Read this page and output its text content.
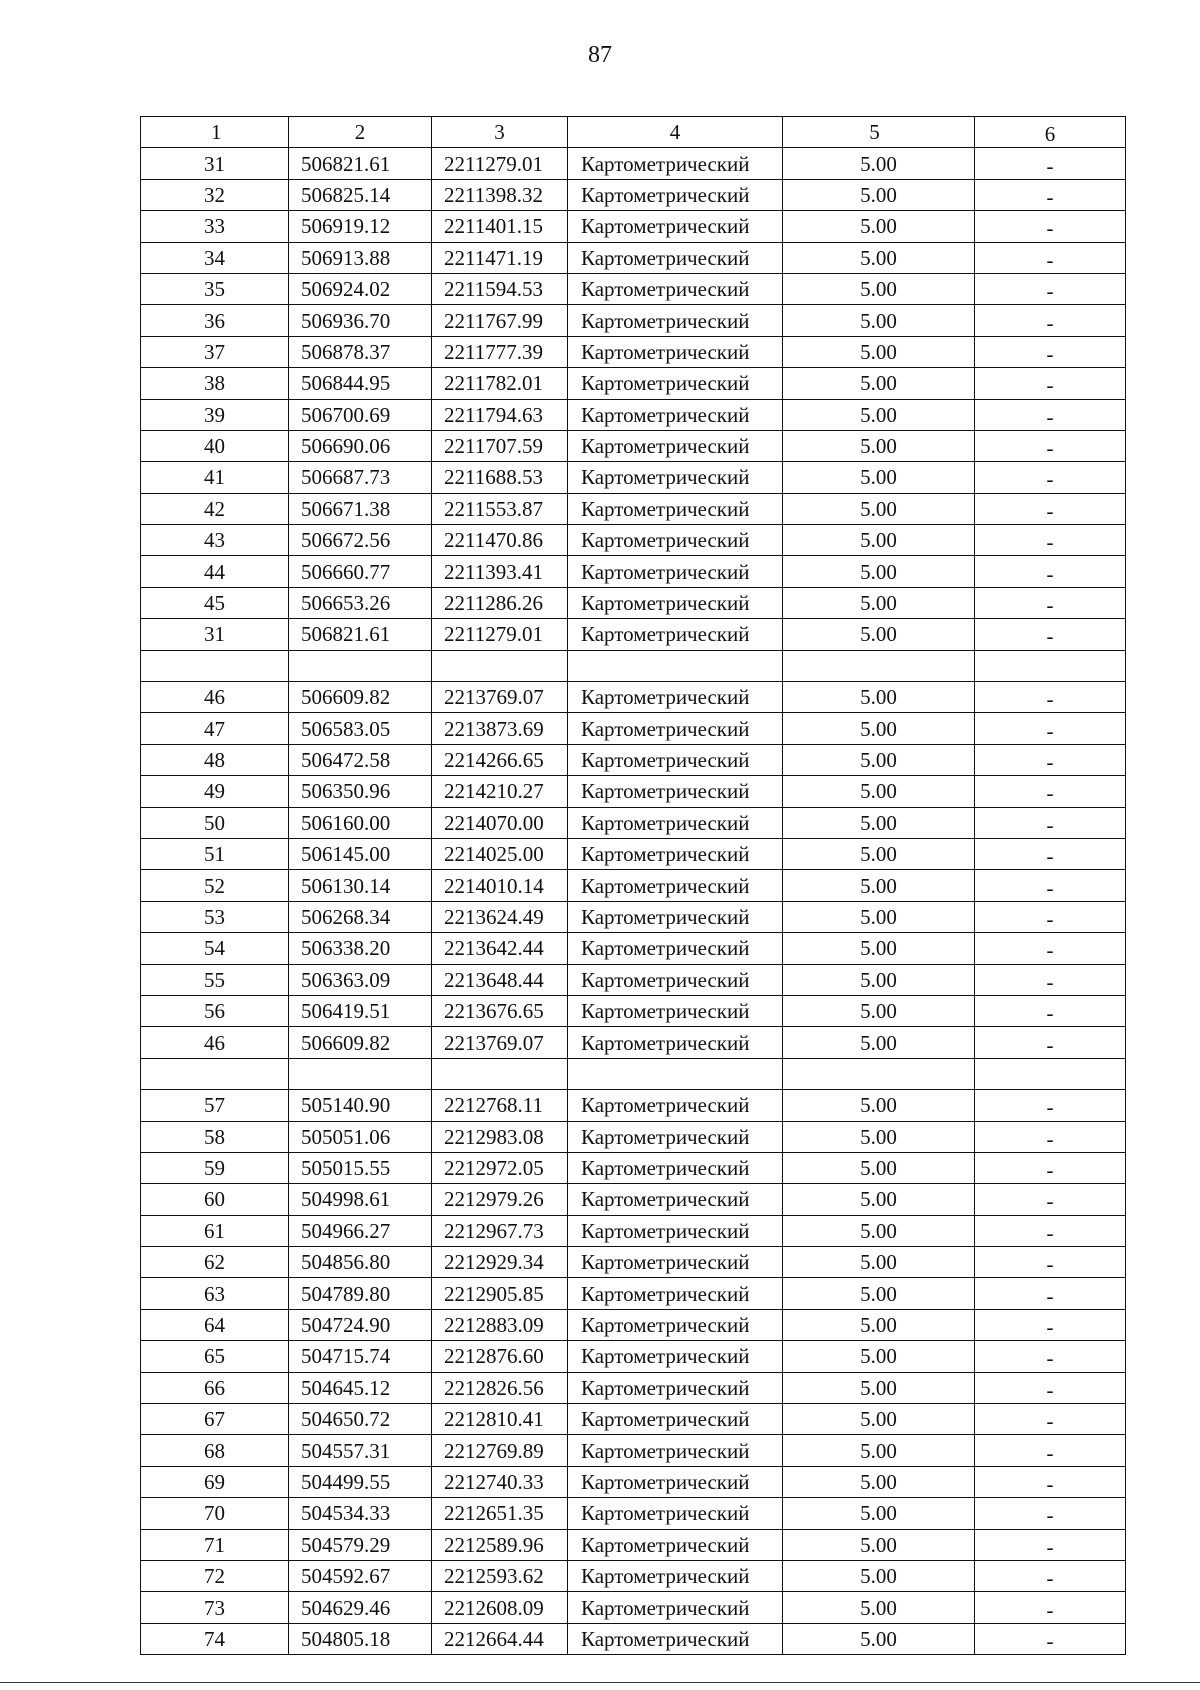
87
1	2	3	4	5	6
31	506821.61	2211279.01	Картометрический	5.00	-
32	506825.14	2211398.32	Картометрический	5.00	-
33	506919.12	2211401.15	Картометрический	5.00	-
34	506913.88	2211471.19	Картометрический	5.00	-
35	506924.02	2211594.53	Картометрический	5.00	-
36	506936.70	2211767.99	Картометрический	5.00	-
37	506878.37	2211777.39	Картометрический	5.00	-
38	506844.95	2211782.01	Картометрический	5.00	-
39	506700.69	2211794.63	Картометрический	5.00	-
40	506690.06	2211707.59	Картометрический	5.00	-
41	506687.73	2211688.53	Картометрический	5.00	-
42	506671.38	2211553.87	Картометрический	5.00	-
43	506672.56	2211470.86	Картометрический	5.00	-
44	506660.77	2211393.41	Картометрический	5.00	-
45	506653.26	2211286.26	Картометрический	5.00	-
31	506821.61	2211279.01	Картометрический	5.00	-

46	506609.82	2213769.07	Картометрический	5.00	-
47	506583.05	2213873.69	Картометрический	5.00	-
48	506472.58	2214266.65	Картометрический	5.00	-
49	506350.96	2214210.27	Картометрический	5.00	-
50	506160.00	2214070.00	Картометрический	5.00	-
51	506145.00	2214025.00	Картометрический	5.00	-
52	506130.14	2214010.14	Картометрический	5.00	-
53	506268.34	2213624.49	Картометрический	5.00	-
54	506338.20	2213642.44	Картометрический	5.00	-
55	506363.09	2213648.44	Картометрический	5.00	-
56	506419.51	2213676.65	Картометрический	5.00	-
46	506609.82	2213769.07	Картометрический	5.00	-

57	505140.90	2212768.11	Картометрический	5.00	-
58	505051.06	2212983.08	Картометрический	5.00	-
59	505015.55	2212972.05	Картометрический	5.00	-
60	504998.61	2212979.26	Картометрический	5.00	-
61	504966.27	2212967.73	Картометрический	5.00	-
62	504856.80	2212929.34	Картометрический	5.00	-
63	504789.80	2212905.85	Картометрический	5.00	-
64	504724.90	2212883.09	Картометрический	5.00	-
65	504715.74	2212876.60	Картометрический	5.00	-
66	504645.12	2212826.56	Картометрический	5.00	-
67	504650.72	2212810.41	Картометрический	5.00	-
68	504557.31	2212769.89	Картометрический	5.00	-
69	504499.55	2212740.33	Картометрический	5.00	-
70	504534.33	2212651.35	Картометрический	5.00	-
71	504579.29	2212589.96	Картометрический	5.00	-
72	504592.67	2212593.62	Картометрический	5.00	-
73	504629.46	2212608.09	Картометрический	5.00	-
74	504805.18	2212664.44	Картометрический	5.00	-
